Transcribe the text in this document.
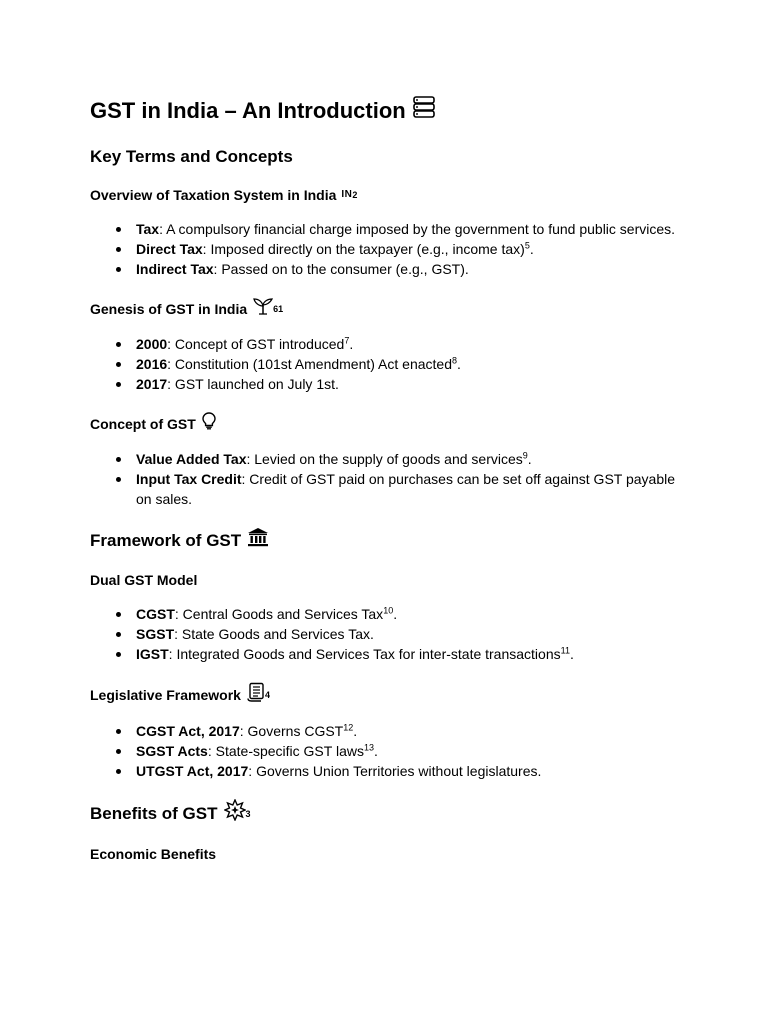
GST in India – An Introduction
Key Terms and Concepts
Overview of Taxation System in India IN 2
Tax: A compulsory financial charge imposed by the government to fund public services.
Direct Tax: Imposed directly on the taxpayer (e.g., income tax)$^5$.
Indirect Tax: Passed on to the consumer (e.g., GST).
Genesis of GST in India	61
2000: Concept of GST introduced$^7$.
2016: Constitution (101st Amendment) Act enacted$^8$.
2017: GST launched on July 1st.
Concept of GST
Value Added Tax: Levied on the supply of goods and services$^9$.
Input Tax Credit: Credit of GST paid on purchases can be set off against GST payable on sales.
Framework of GST
Dual GST Model
CGST: Central Goods and Services Tax$^{10}$.
SGST: State Goods and Services Tax.
IGST: Integrated Goods and Services Tax for inter-state transactions$^{11}$.
Legislative Framework	4
CGST Act, 2017: Governs CGST$^{12}$.
SGST Acts: State-specific GST laws$^{13}$.
UTGST Act, 2017: Governs Union Territories without legislatures.
Benefits of GST	3
Economic Benefits
